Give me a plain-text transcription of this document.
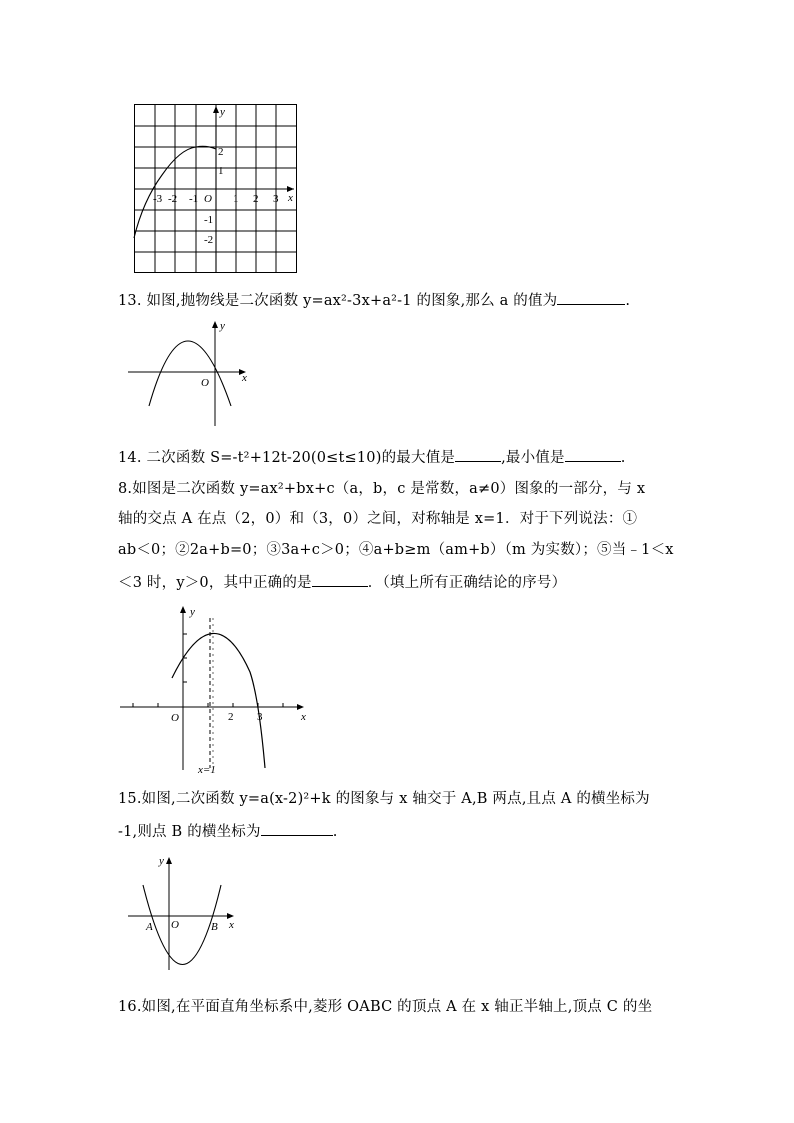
y
x
O
-3 -2 -1	1 2 3
2
1
-1
-2
13. 如图,抛物线是二次函数 y=ax²-3x+a²-1 的图象,那么 a 的值为	.
y
x
O
14. 二次函数 S=-t²+12t-20(0≤t≤10)的最大值是	,最小值是	.
8.如图是二次函数 y=ax²+bx+c（a，b，c 是常数，a≠0）图象的一部分，与 x
轴的交点 A 在点（2，0）和（3，0）之间，对称轴是 x=1．对于下列说法：①
ab＜0；②2a+b=0；③3a+c＞0；④a+b≥m（am+b）（m 为实数）；⑤当﹣1＜x
＜3 时，y＞0，其中正确的是	．（填上所有正确结论的序号）
y
x
O	2 3
x=1
15.如图,二次函数 y=a(x-2)²+k 的图象与 x 轴交于 A,B 两点,且点 A 的横坐标为
-1,则点 B 的横坐标为	.
y
x
O
A	B
16.如图,在平面直角坐标系中,菱形 OABC 的顶点 A 在 x 轴正半轴上,顶点 C 的坐
